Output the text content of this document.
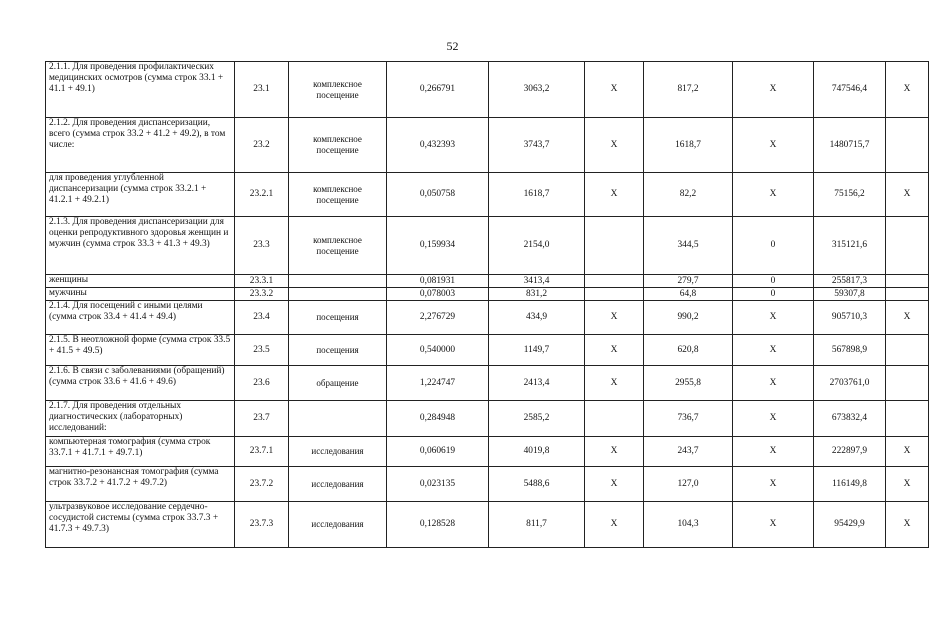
52
2.1.1. Для проведения профилактических медицинских осмотров (сумма строк 33.1 + 41.1 + 49.1)	23.1	комплексное посещение	0,266791	3063,2	X	817,2	X	747546,4	X
2.1.2. Для проведения диспансеризации, всего (сумма строк 33.2 + 41.2 + 49.2), в том числе:	23.2	комплексное посещение	0,432393	3743,7	X	1618,7	X	1480715,7	
для проведения углубленной диспансеризации (сумма строк 33.2.1 + 41.2.1 + 49.2.1)	23.2.1	комплексное посещение	0,050758	1618,7	X	82,2	X	75156,2	X
2.1.3. Для проведения диспансеризации для оценки репродуктивного здоровья женщин и мужчин (сумма строк 33.3 + 41.3 + 49.3)	23.3	комплексное посещение	0,159934	2154,0		344,5	0	315121,6	
женщины	23.3.1		0,081931	3413,4		279,7	0	255817,3	
мужчины	23.3.2		0,078003	831,2		64,8	0	59307,8	
2.1.4. Для посещений с иными целями (сумма строк 33.4 + 41.4 + 49.4)	23.4	посещения	2,276729	434,9	X	990,2	X	905710,3	X
2.1.5. В неотложной форме (сумма строк 33.5 + 41.5 + 49.5)	23.5	посещения	0,540000	1149,7	X	620,8	X	567898,9	
2.1.6. В связи с заболеваниями (обращений) (сумма строк 33.6 + 41.6 + 49.6)	23.6	обращение	1,224747	2413,4	X	2955,8	X	2703761,0	
2.1.7. Для проведения отдельных диагностических (лабораторных) исследований:	23.7		0,284948	2585,2		736,7	X	673832,4	
компьютерная томография (сумма строк 33.7.1 + 41.7.1 + 49.7.1)	23.7.1	исследования	0,060619	4019,8	X	243,7	X	222897,9	X
магнитно-резонансная томография (сумма строк 33.7.2 + 41.7.2 + 49.7.2)	23.7.2	исследования	0,023135	5488,6	X	127,0	X	116149,8	X
ультразвуковое исследование сердечно-сосудистой системы (сумма строк 33.7.3 + 41.7.3 + 49.7.3)	23.7.3	исследования	0,128528	811,7	X	104,3	X	95429,9	X
